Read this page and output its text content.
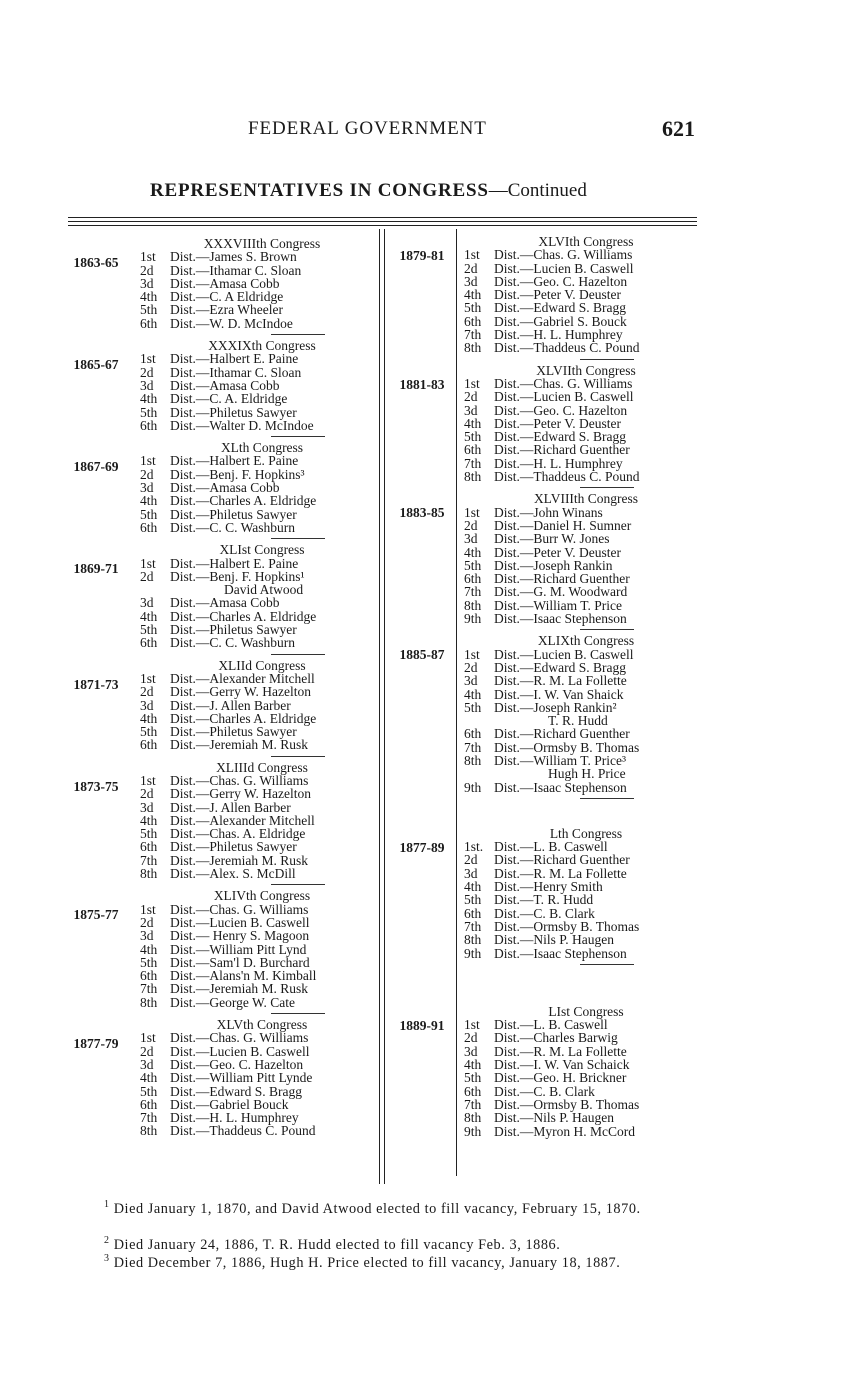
FEDERAL GOVERNMENT	621
REPRESENTATIVES IN CONGRESS—Continued
1863-65
XXXVIIIth Congress
1st Dist.—James S. Brown
2d Dist.—Ithamar C. Sloan
3d Dist.—Amasa Cobb
4th Dist.—C. A Eldridge
5th Dist.—Ezra Wheeler
6th Dist.—W. D. McIndoe
1865-67
XXXIXth Congress
1st Dist.—Halbert E. Paine
2d Dist.—Ithamar C. Sloan
3d Dist.—Amasa Cobb
4th Dist.—C. A. Eldridge
5th Dist.—Philetus Sawyer
6th Dist.—Walter D. McIndoe
1867-69
XLth Congress
1st Dist.—Halbert E. Paine
2d Dist.—Benj. F. Hopkins³
3d Dist.—Amasa Cobb
4th Dist.—Charles A. Eldridge
5th Dist.—Philetus Sawyer
6th Dist.—C. C. Washburn
1869-71
XLIst Congress
1st Dist.—Halbert E. Paine
2d Dist.—Benj. F. Hopkins¹
David Atwood
3d Dist.—Amasa Cobb
4th Dist.—Charles A. Eldridge
5th Dist.—Philetus Sawyer
6th Dist.—C. C. Washburn
1871-73
XLIId Congress
1st Dist.—Alexander Mitchell
2d Dist.—Gerry W. Hazelton
3d Dist.—J. Allen Barber
4th Dist.—Charles A. Eldridge
5th Dist.—Philetus Sawyer
6th Dist.—Jeremiah M. Rusk
1873-75
XLIIId Congress
1st Dist.—Chas. G. Williams
2d Dist.—Gerry W. Hazelton
3d Dist.—J. Allen Barber
4th Dist.—Alexander Mitchell
5th Dist.—Chas. A. Eldridge
6th Dist.—Philetus Sawyer
7th Dist.—Jeremiah M. Rusk
8th Dist.—Alex. S. McDill
1875-77
XLIVth Congress
1st Dist.—Chas. G. Williams
2d Dist.—Lucien B. Caswell
3d Dist.— Henry S. Magoon
4th Dist.—William Pitt Lynd
5th Dist.—Sam'l D. Burchard
6th Dist.—Alans'n M. Kimball
7th Dist.—Jeremiah M. Rusk
8th Dist.—George W. Cate
1877-79
XLVth Congress
1st Dist.—Chas. G. Williams
2d Dist.—Lucien B. Caswell
3d Dist.—Geo. C. Hazelton
4th Dist.—William Pitt Lynde
5th Dist.—Edward S. Bragg
6th Dist.—Gabriel Bouck
7th Dist.—H. L. Humphrey
8th Dist.—Thaddeus C. Pound
1879-81
XLVIth Congress
1st Dist.—Chas. G. Williams
2d Dist.—Lucien B. Caswell
3d Dist.—Geo. C. Hazelton
4th Dist.—Peter V. Deuster
5th Dist.—Edward S. Bragg
6th Dist.—Gabriel S. Bouck
7th Dist.—H. L. Humphrey
8th Dist.—Thaddeus C. Pound
1881-83
XLVIIth Congress
1st Dist.—Chas. G. Williams
2d Dist.—Lucien B. Caswell
3d Dist.—Geo. C. Hazelton
4th Dist.—Peter V. Deuster
5th Dist.—Edward S. Bragg
6th Dist.—Richard Guenther
7th Dist.—H. L. Humphrey
8th Dist.—Thaddeus C. Pound
1883-85
XLVIIIth Congress
1st Dist.—John Winans
2d Dist.—Daniel H. Sumner
3d Dist.—Burr W. Jones
4th Dist.—Peter V. Deuster
5th Dist.—Joseph Rankin
6th Dist.—Richard Guenther
7th Dist.—G. M. Woodward
8th Dist.—William T. Price
9th Dist.—Isaac Stephenson
1885-87
XLIXth Congress
1st Dist.—Lucien B. Caswell
2d Dist.—Edward S. Bragg
3d Dist.—R. M. La Follette
4th Dist.—I. W. Van Shaick
5th Dist.—Joseph Rankin²
T. R. Hudd
6th Dist.—Richard Guenther
7th Dist.—Ormsby B. Thomas
8th Dist.—William T. Price³
Hugh H. Price
9th Dist.—Isaac Stephenson
1877-89
Lth Congress
1st. Dist.—L. B. Caswell
2d Dist.—Richard Guenther
3d Dist.—R. M. La Follette
4th Dist.—Henry Smith
5th Dist.—T. R. Hudd
6th Dist.—C. B. Clark
7th Dist.—Ormsby B. Thomas
8th Dist.—Nils P. Haugen
9th Dist.—Isaac Stephenson
1889-91
LIst Congress
1st Dist.—L. B. Caswell
2d Dist.—Charles Barwig
3d Dist.—R. M. La Follette
4th Dist.—I. W. Van Schaick
5th Dist.—Geo. H. Brickner
6th Dist.—C. B. Clark
7th Dist.—Ormsby B. Thomas
8th Dist.—Nils P. Haugen
9th Dist.—Myron H. McCord
$^1$ Died January 1, 1870, and David Atwood elected to fill vacancy, February 15, 1870.
$^2$ Died January 24, 1886, T. R. Hudd elected to fill vacancy Feb. 3, 1886.
$^3$ Died December 7, 1886, Hugh H. Price elected to fill vacancy, January 18, 1887.
